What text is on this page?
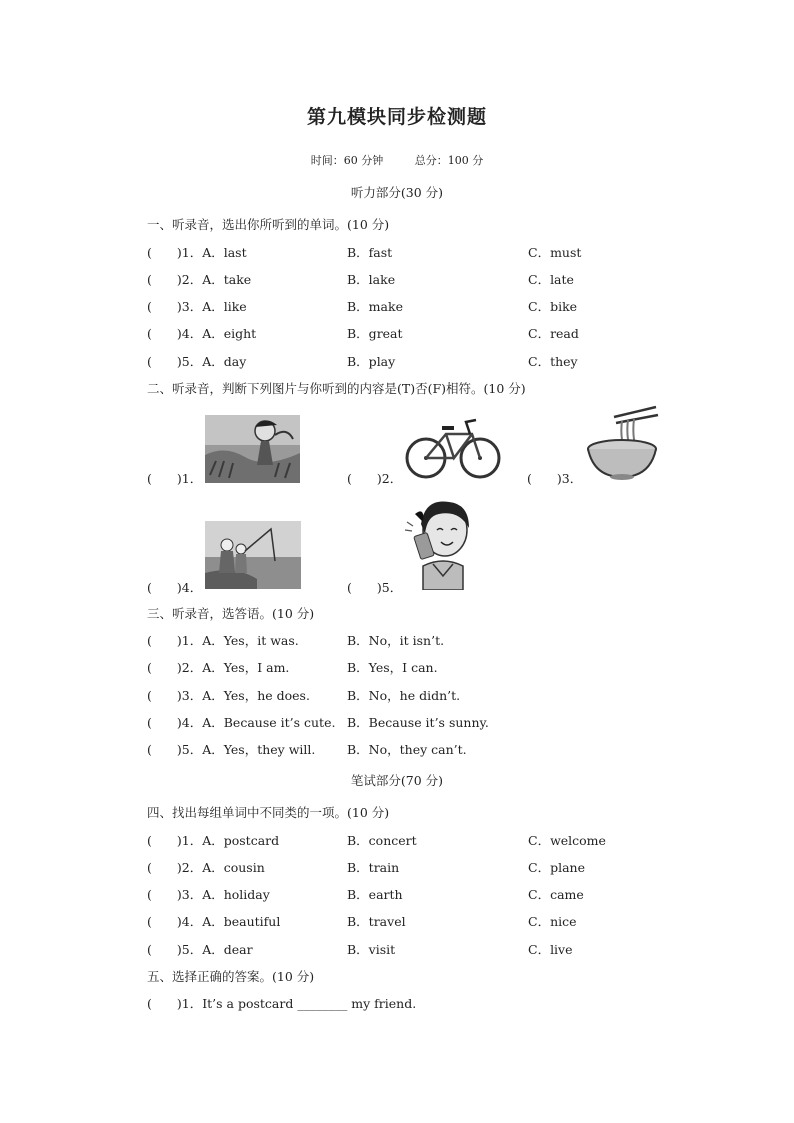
第九模块同步检测题
时间：60 分钟	总分：100 分
听力部分(30 分)
一、听录音，选出你所听到的单词。(10 分)
(　　)1．A．last	B．fast	C．must
(　　)2．A．take	B．lake	C．late
(　　)3．A．like	B．make	C．bike
(　　)4．A．eight	B．great	C．read
(　　)5．A．day	B．play	C．they
二、听录音，判断下列图片与你听到的内容是(T)否(F)相符。(10 分)
(　　)1．	(　　)2．	(　　)3．
(　　)4．	(　　)5．
三、听录音，选答语。(10 分)
(　　)1．A．Yes，it was.	B．No，it isn’t.
(　　)2．A．Yes，I am.	B．Yes，I can.
(　　)3．A．Yes，he does.	B．No，he didn’t.
(　　)4．A．Because it’s cute. B．Because it’s sunny.
(　　)5．A．Yes，they will.	B．No，they can’t.
笔试部分(70 分)
四、找出每组单词中不同类的一项。(10 分)
(　　)1．A．postcard	B．concert	C．welcome
(　　)2．A．cousin	B．train	C．plane
(　　)3．A．holiday	B．earth	C．came
(　　)4．A．beautiful	B．travel	C．nice
(　　)5．A．dear	B．visit	C．live
五、选择正确的答案。(10 分)
(　　)1．It’s a postcard ________ my friend.
